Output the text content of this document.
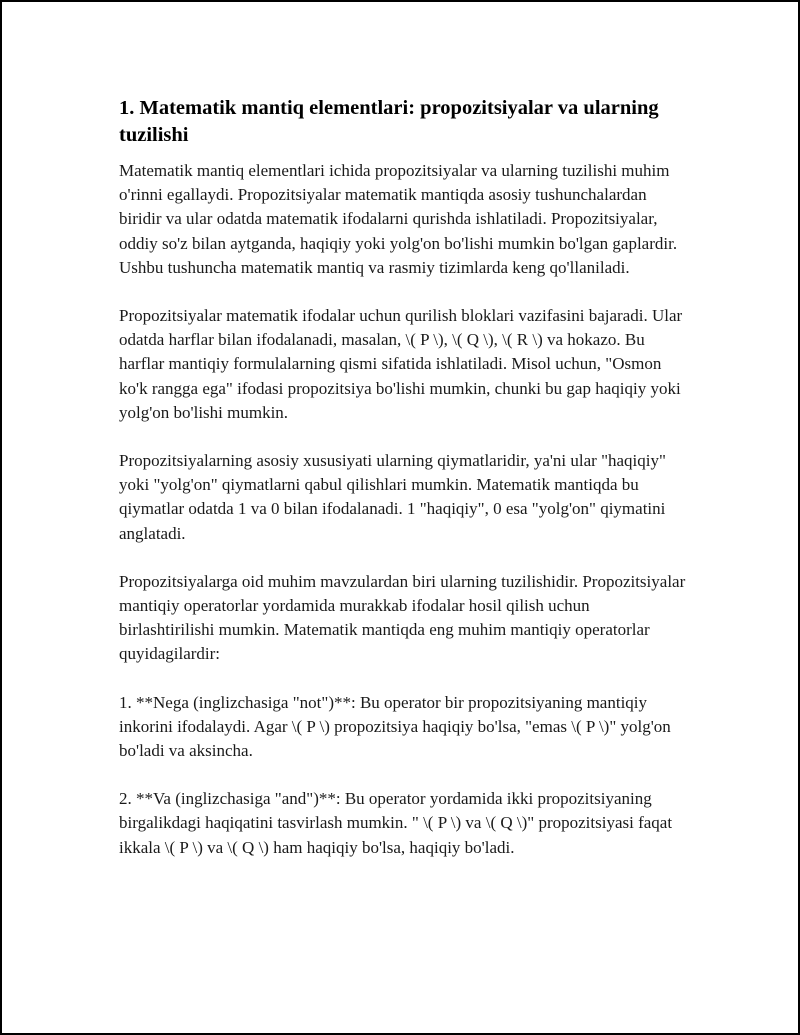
1. Matematik mantiq elementlari: propozitsiyalar va ularning tuzilishi

Matematik mantiq elementlari ichida propozitsiyalar va ularning tuzilishi muhim o'rinni egallaydi. Propozitsiyalar matematik mantiqda asosiy tushunchalardan biridir va ular odatda matematik ifodalarni qurishda ishlatiladi. Propozitsiyalar, oddiy so'z bilan aytganda, haqiqiy yoki yolg'on bo'lishi mumkin bo'lgan gaplardir. Ushbu tushuncha matematik mantiq va rasmiy tizimlarda keng qo'llaniladi.

Propozitsiyalar matematik ifodalar uchun qurilish bloklari vazifasini bajaradi. Ular odatda harflar bilan ifodalanadi, masalan, \( P \), \( Q \), \( R \) va hokazo. Bu harflar mantiqiy formulalarning qismi sifatida ishlatiladi. Misol uchun, "Osmon ko'k rangga ega" ifodasi propozitsiya bo'lishi mumkin, chunki bu gap haqiqiy yoki yolg'on bo'lishi mumkin.

Propozitsiyalarning asosiy xususiyati ularning qiymatlaridir, ya'ni ular "haqiqiy" yoki "yolg'on" qiymatlarni qabul qilishlari mumkin. Matematik mantiqda bu qiymatlar odatda 1 va 0 bilan ifodalanadi. 1 "haqiqiy", 0 esa "yolg'on" qiymatini anglatadi.

Propozitsiyalarga oid muhim mavzulardan biri ularning tuzilishidir. Propozitsiyalar mantiqiy operatorlar yordamida murakkab ifodalar hosil qilish uchun birlashtirilishi mumkin. Matematik mantiqda eng muhim mantiqiy operatorlar quyidagilardir:

1. **Nega (inglizchasiga "not")**: Bu operator bir propozitsiyaning mantiqiy inkorini ifodalaydi. Agar \( P \) propozitsiya haqiqiy bo'lsa, "emas \( P \)" yolg'on bo'ladi va aksincha.

2. **Va (inglizchasiga "and")**: Bu operator yordamida ikki propozitsiyaning birgalikdagi haqiqatini tasvirlash mumkin. " \( P \) va \( Q \)" propozitsiyasi faqat ikkala \( P \) va \( Q \) ham haqiqiy bo'lsa, haqiqiy bo'ladi.
